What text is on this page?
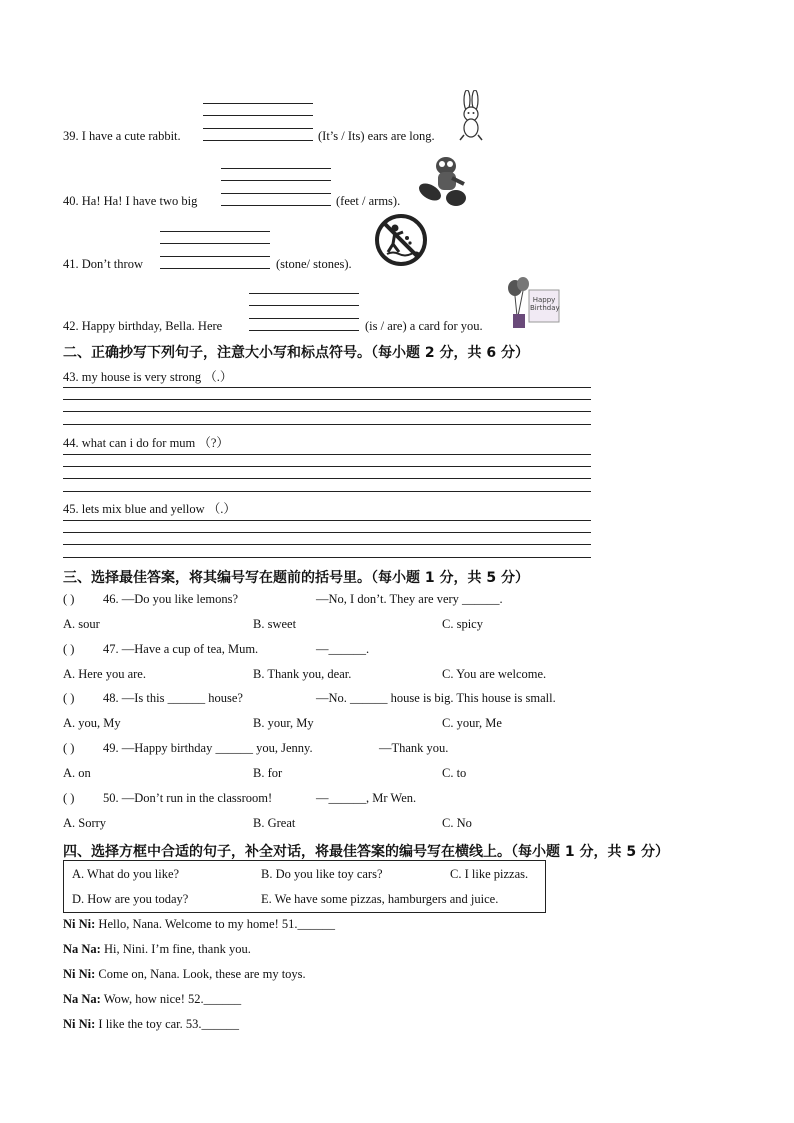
39. I have a cute rabbit.	(It’s / Its) ears are long.
40. Ha! Ha! I have two big	(feet / arms).
41. Don’t throw	(stone/ stones).
42. Happy birthday, Bella. Here	(is / are) a card for you.
Happy Birthday
二、正确抄写下列句子，注意大小写和标点符号。（每小题 2 分，共 6 分）
43. my house is very strong （.）
44. what can i do for mum （?）
45. lets mix blue and yellow （.）
三、选择最佳答案，将其编号写在题前的括号里。（每小题 1 分，共 5 分）
( ) 46. —Do you like lemons?	—No, I don’t. They are very ______.
A. sour	B. sweet	C. spicy
( ) 47. —Have a cup of tea, Mum.	—______.
A. Here you are.	B. Thank you, dear.	C. You are welcome.
( ) 48. —Is this ______ house?	—No. ______ house is big. This house is small.
A. you, My	B. your, My	C. your, Me
( ) 49. —Happy birthday ______ you, Jenny.	—Thank you.
A. on	B. for	C. to
( ) 50. —Don’t run in the classroom!	—______, Mr Wen.
A. Sorry	B. Great	C. No
四、选择方框中合适的句子，补全对话，将最佳答案的编号写在横线上。（每小题 1 分，共 5 分）
A. What do you like?	B. Do you like toy cars?	C. I like pizzas.
D. How are you today?	E. We have some pizzas, hamburgers and juice.
Ni Ni: Hello, Nana. Welcome to my home! 51.______
Na Na: Hi, Nini. I’m fine, thank you.
Ni Ni: Come on, Nana. Look, these are my toys.
Na Na: Wow, how nice! 52.______
Ni Ni: I like the toy car. 53.______
